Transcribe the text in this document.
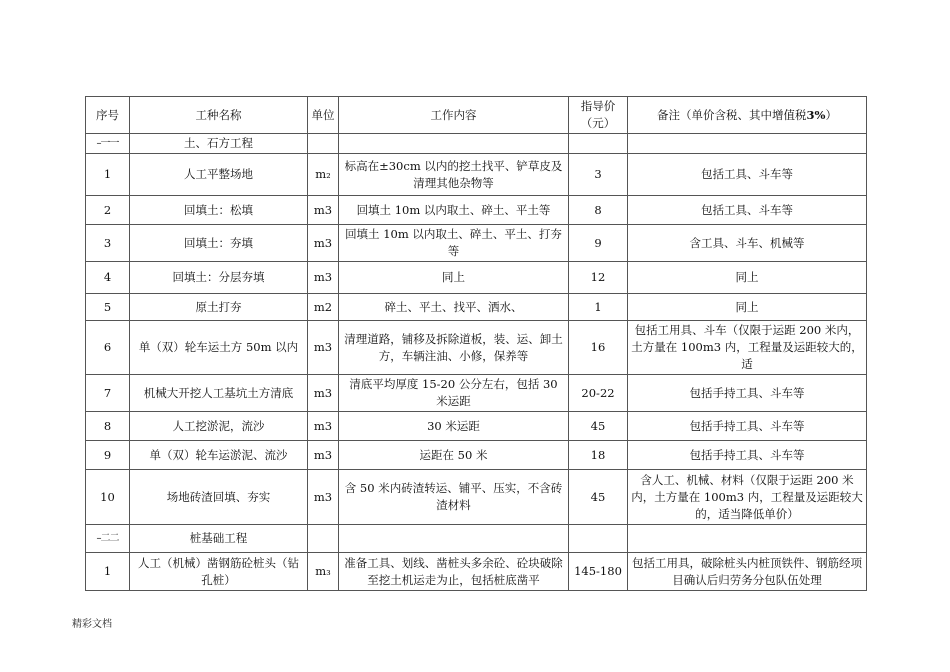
序号	工种名称	单位	工作内容	指导价（元）	备注（单价含税、其中增值税3%）
–一一	土、石方工程				
1	人工平整场地	m₂	标高在±30cm 以内的挖土找平、铲草皮及清理其他杂物等	3	包括工具、斗车等
2	回填土：松填	m3	回填土 10m 以内取土、碎土、平土等	8	包括工具、斗车等
3	回填土：夯填	m3	回填土 10m 以内取土、碎土、平土、打夯等	9	含工具、斗车、机械等
4	回填土：分层夯填	m3	同上	12	同上
5	原土打夯	m2	碎土、平土、找平、洒水、	1	同上
6	单（双）轮车运土方 50m 以内	m3	清理道路，铺移及拆除道板，装、运、卸土方，车辆注油、小修，保养等	16	包括工用具、斗车（仅限于运距 200 米内，土方量在 100m3 内，工程量及运距较大的，适
7	机械大开挖人工基坑土方清底	m3	清底平均厚度 15-20 公分左右，包括 30 米运距	20-22	包括手持工具、斗车等
8	人工挖淤泥，流沙	m3	30 米运距	45	包括手持工具、斗车等
9	单（双）轮车运淤泥、流沙	m3	运距在 50 米	18	包括手持工具、斗车等
10	场地砖渣回填、夯实	m3	含 50 米内砖渣转运、铺平、压实，不含砖渣材料	45	含人工、机械、材料（仅限于运距 200 米内，土方量在 100m3 内，工程量及运距较大的，适当降低单价）
–二二	桩基础工程				
1	人工（机械）凿钢筋砼桩头（钻孔桩）	m₃	准备工具、划线、凿桩头多余砼、砼块破除至挖土机运走为止，包括桩底凿平	145-180	包括工用具，破除桩头内桩顶铁件、钢筋经项目确认后归劳务分包队伍处理
精彩文档
